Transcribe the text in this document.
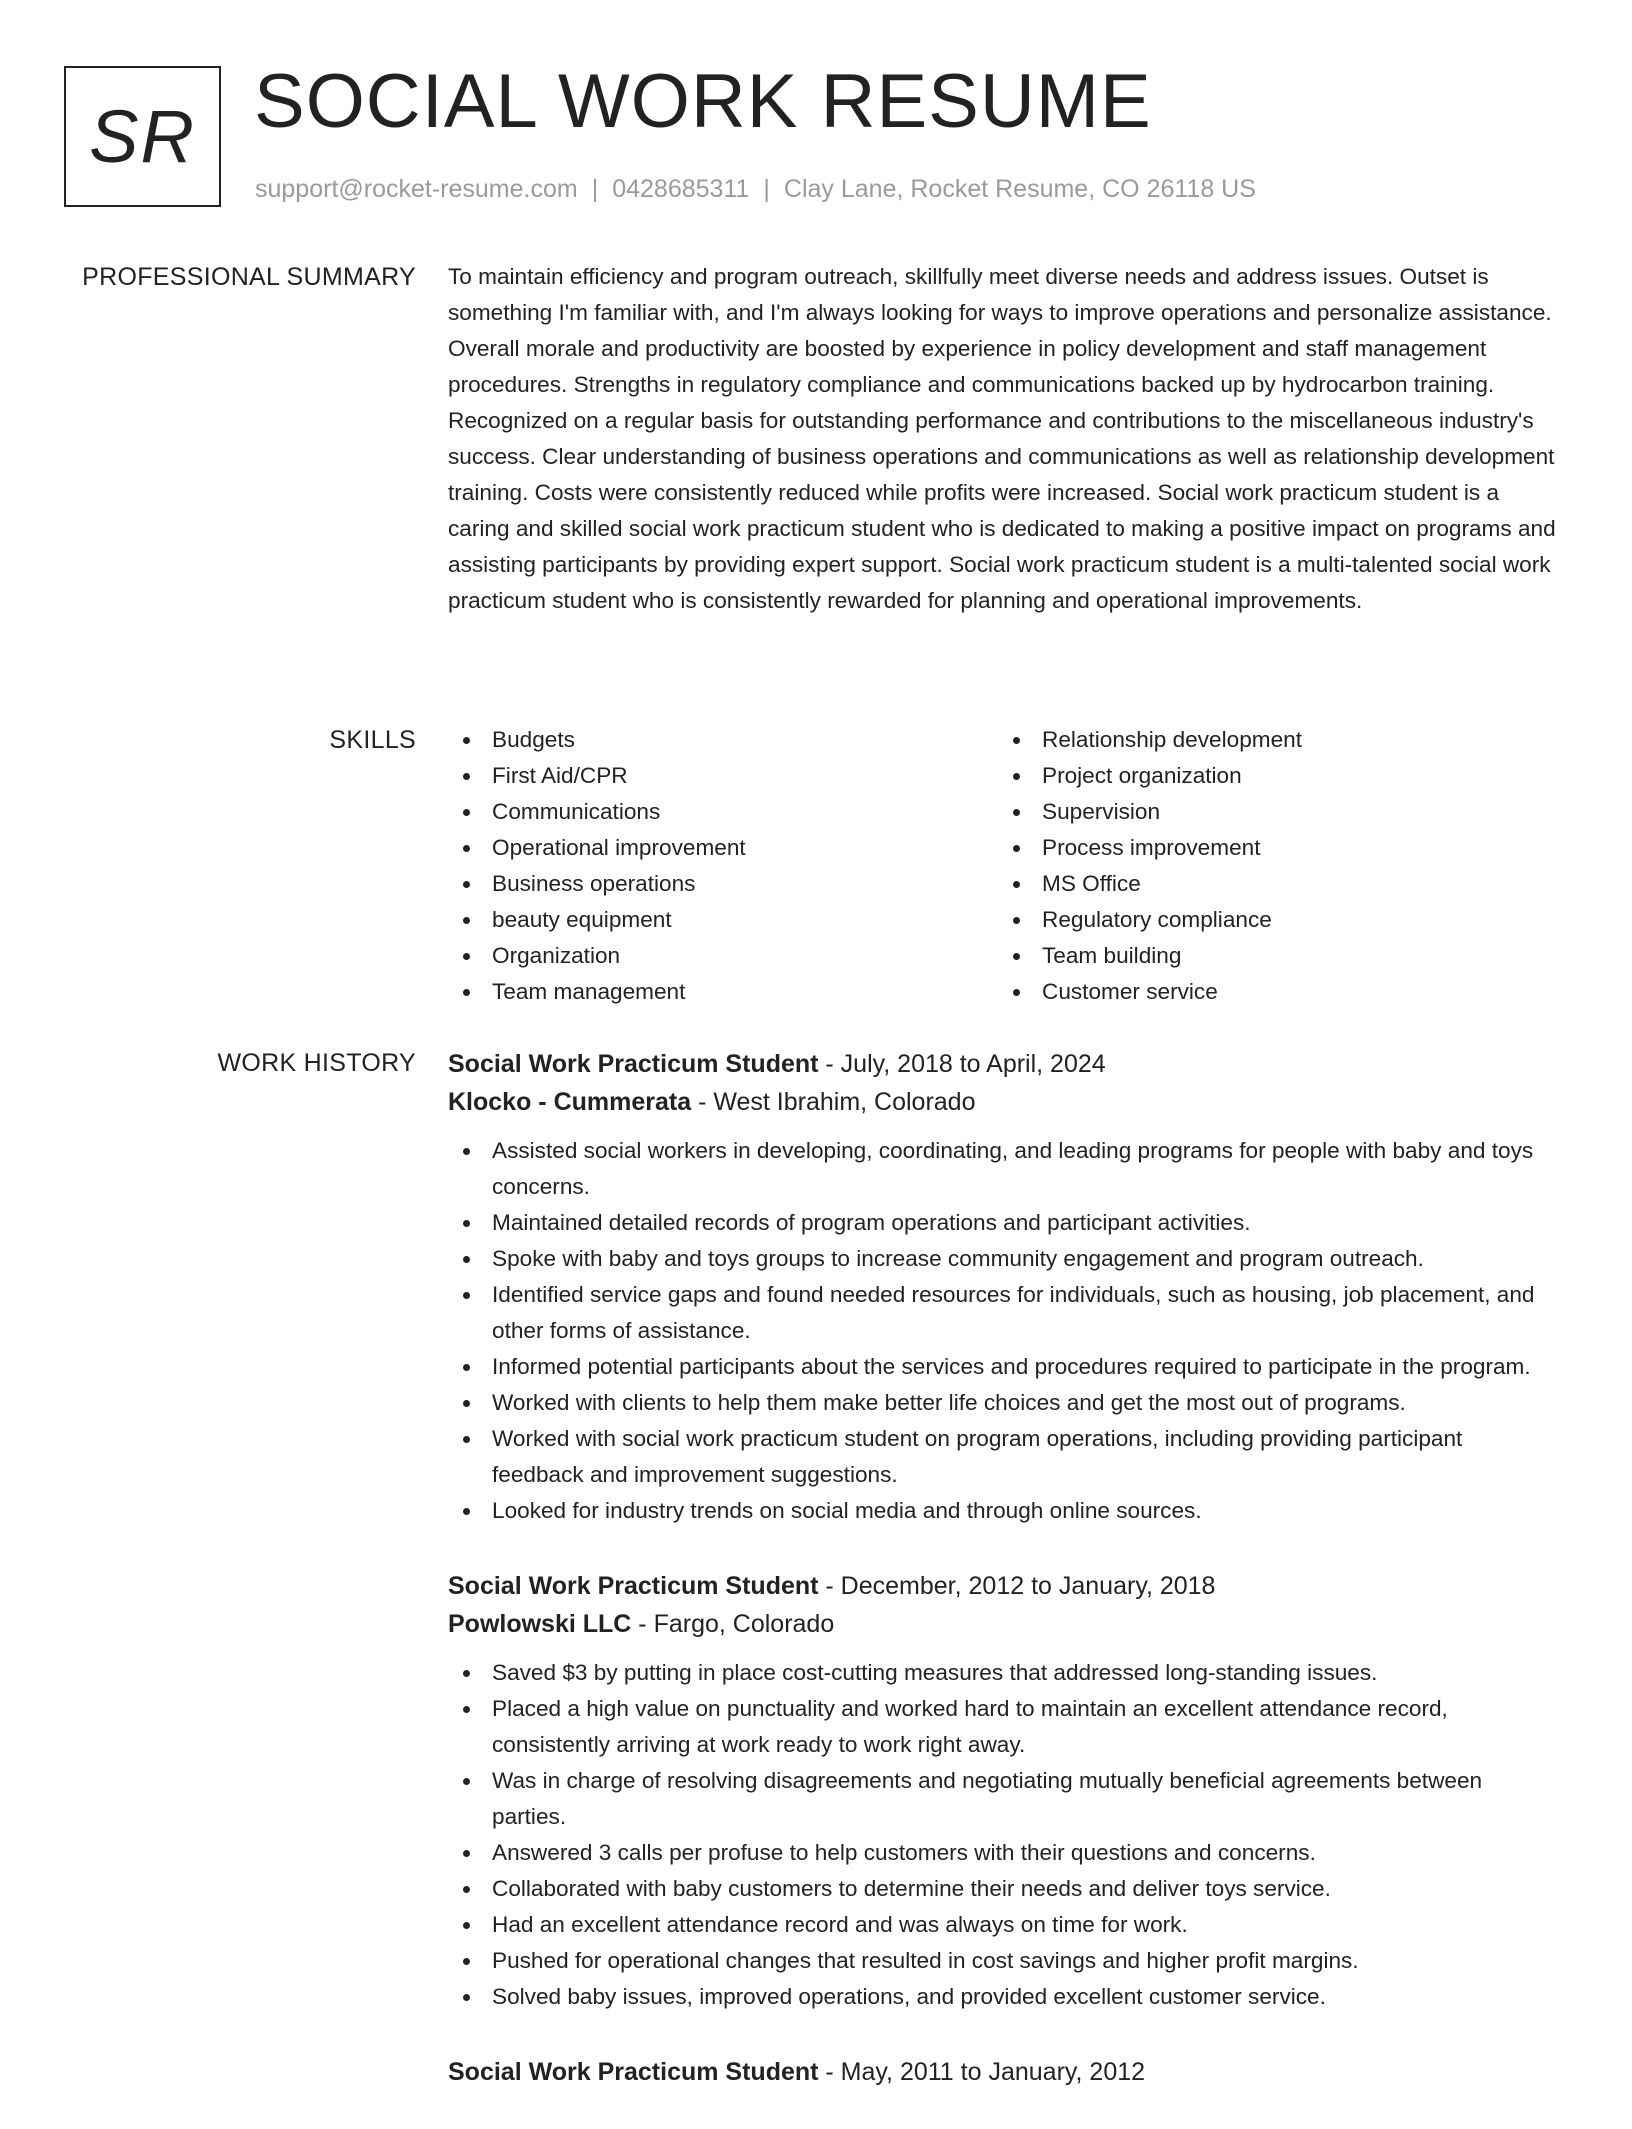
SR SOCIAL WORK RESUME
support@rocket-resume.com | 0428685311 | Clay Lane, Rocket Resume, CO 26118 US
PROFESSIONAL SUMMARY To maintain efficiency and program outreach, skillfully meet diverse needs and address issues. Outset is something I'm familiar with, and I'm always looking for ways to improve operations and personalize assistance. Overall morale and productivity are boosted by experience in policy development and staff management procedures. Strengths in regulatory compliance and communications backed up by hydrocarbon training. Recognized on a regular basis for outstanding performance and contributions to the miscellaneous industry's success. Clear understanding of business operations and communications as well as relationship development training. Costs were consistently reduced while profits were increased. Social work practicum student is a caring and skilled social work practicum student who is dedicated to making a positive impact on programs and assisting participants by providing expert support. Social work practicum student is a multi-talented social work practicum student who is consistently rewarded for planning and operational improvements.

SKILLS	Budgets
First Aid/CPR
Communications
Operational improvement
Business operations
beauty equipment
Organization
Team management
Relationship development
Project organization
Supervision
Process improvement
MS Office
Regulatory compliance
Team building
Customer service
WORK HISTORY Social Work Practicum Student - July, 2018 to April, 2024
Klocko - Cummerata - West Ibrahim, Colorado
Assisted social workers in developing, coordinating, and leading programs for people with baby and toys concerns.
Maintained detailed records of program operations and participant activities.
Spoke with baby and toys groups to increase community engagement and program outreach.
Identified service gaps and found needed resources for individuals, such as housing, job placement, and other forms of assistance.
Informed potential participants about the services and procedures required to participate in the program.
Worked with clients to help them make better life choices and get the most out of programs.
Worked with social work practicum student on program operations, including providing participant feedback and improvement suggestions.
Looked for industry trends on social media and through online sources.
Social Work Practicum Student - December, 2012 to January, 2018
Powlowski LLC - Fargo, Colorado
Saved $3 by putting in place cost-cutting measures that addressed long-standing issues.
Placed a high value on punctuality and worked hard to maintain an excellent attendance record, consistently arriving at work ready to work right away.
Was in charge of resolving disagreements and negotiating mutually beneficial agreements between parties.
Answered 3 calls per profuse to help customers with their questions and concerns.
Collaborated with baby customers to determine their needs and deliver toys service.
Had an excellent attendance record and was always on time for work.
Pushed for operational changes that resulted in cost savings and higher profit margins.
Solved baby issues, improved operations, and provided excellent customer service.
Social Work Practicum Student - May, 2011 to January, 2012
